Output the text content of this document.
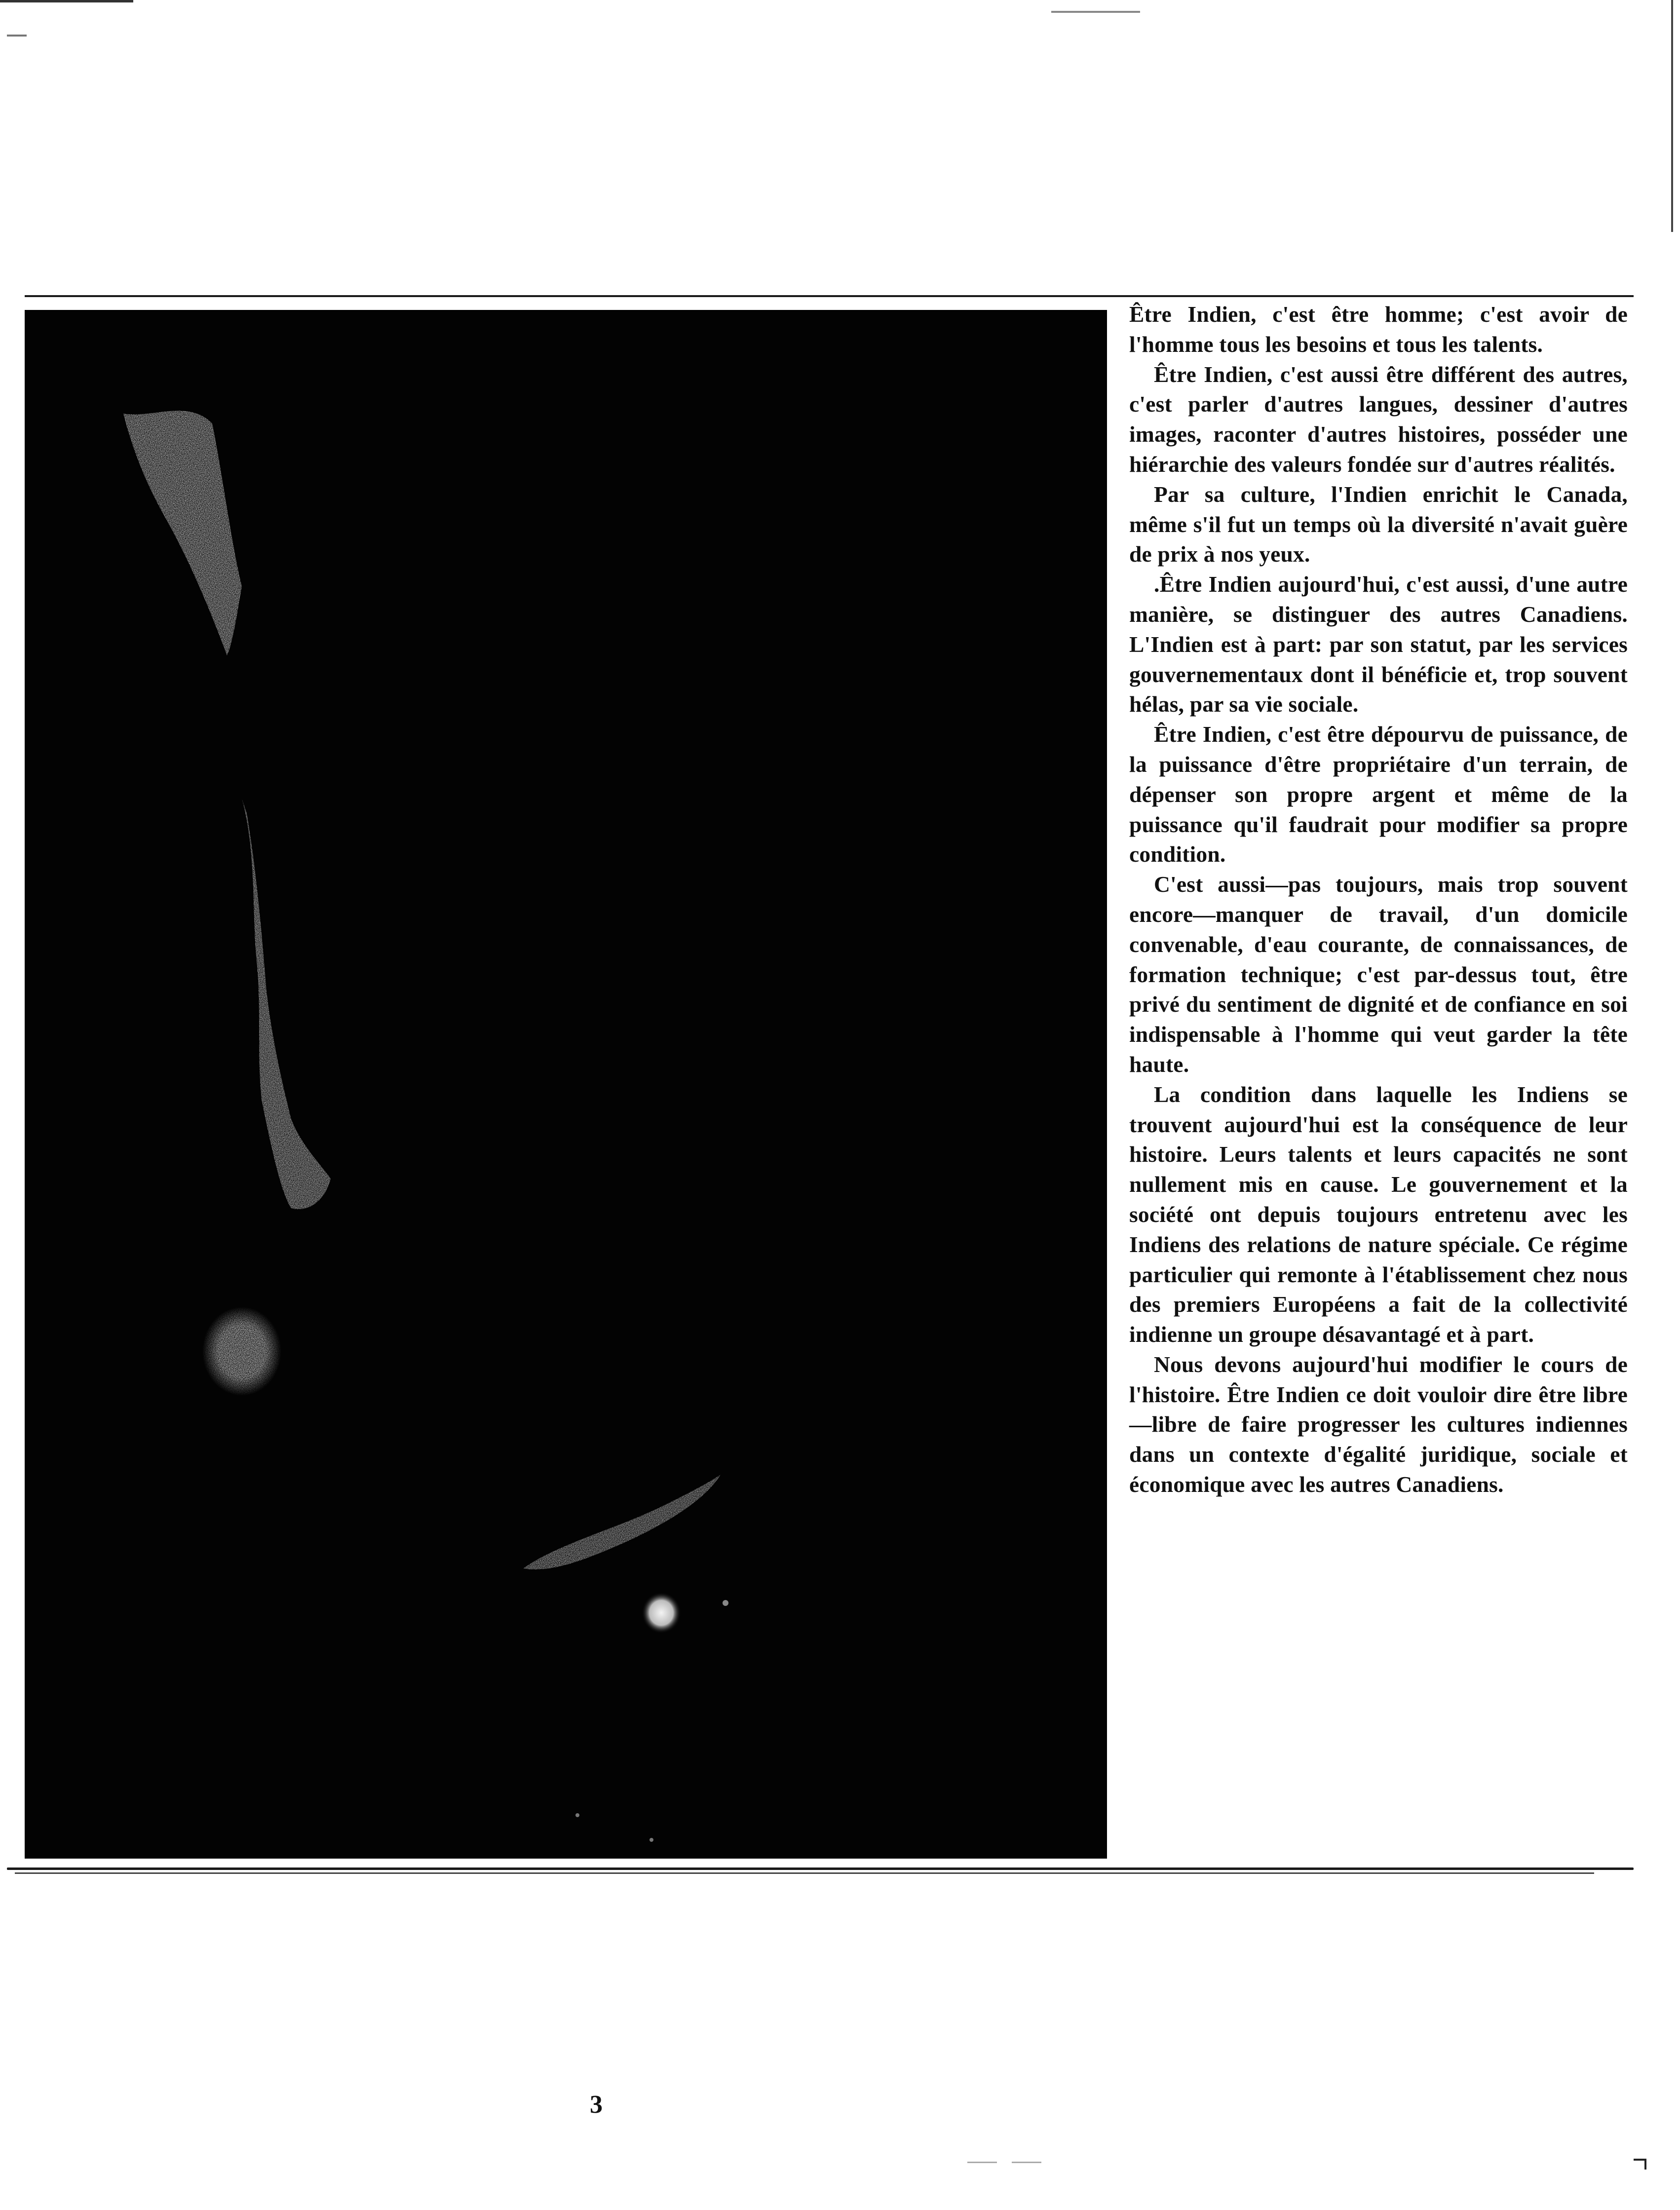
Être Indien, c'est être homme; c'est avoir de l'homme tous les besoins et tous les talents.

Être Indien, c'est aussi être différent des autres, c'est parler d'autres langues, dessiner d'autres images, raconter d'autres histoires, posséder une hiérarchie des valeurs fondée sur d'autres réalités.

Par sa culture, l'Indien enrichit le Canada, même s'il fut un temps où la diversité n'avait guère de prix à nos yeux.

.Être Indien aujourd'hui, c'est aussi, d'une autre manière, se distinguer des autres Canadiens. L'Indien est à part: par son statut, par les services gouvernementaux dont il bénéficie et, trop souvent hélas, par sa vie sociale.

Être Indien, c'est être dépourvu de puissance, de la puissance d'être propriétaire d'un terrain, de dépenser son propre argent et même de la puissance qu'il faudrait pour modifier sa propre condition.

C'est aussi—pas toujours, mais trop souvent encore—manquer de travail, d'un domicile convenable, d'eau courante, de connaissances, de formation technique; c'est par-dessus tout, être privé du sentiment de dignité et de confiance en soi indispensable à l'homme qui veut garder la tête haute.

La condition dans laquelle les Indiens se trouvent aujourd'hui est la conséquence de leur histoire. Leurs talents et leurs capacités ne sont nullement mis en cause. Le gouvernement et la société ont depuis toujours entretenu avec les Indiens des relations de nature spéciale. Ce régime particulier qui remonte à l'établissement chez nous des premiers Européens a fait de la collectivité indienne un groupe désavantagé et à part.

Nous devons aujourd'hui modifier le cours de l'histoire. Être Indien ce doit vouloir dire être libre—libre de faire progresser les cultures indiennes dans un contexte d'égalité juridique, sociale et économique avec les autres Canadiens.

3
